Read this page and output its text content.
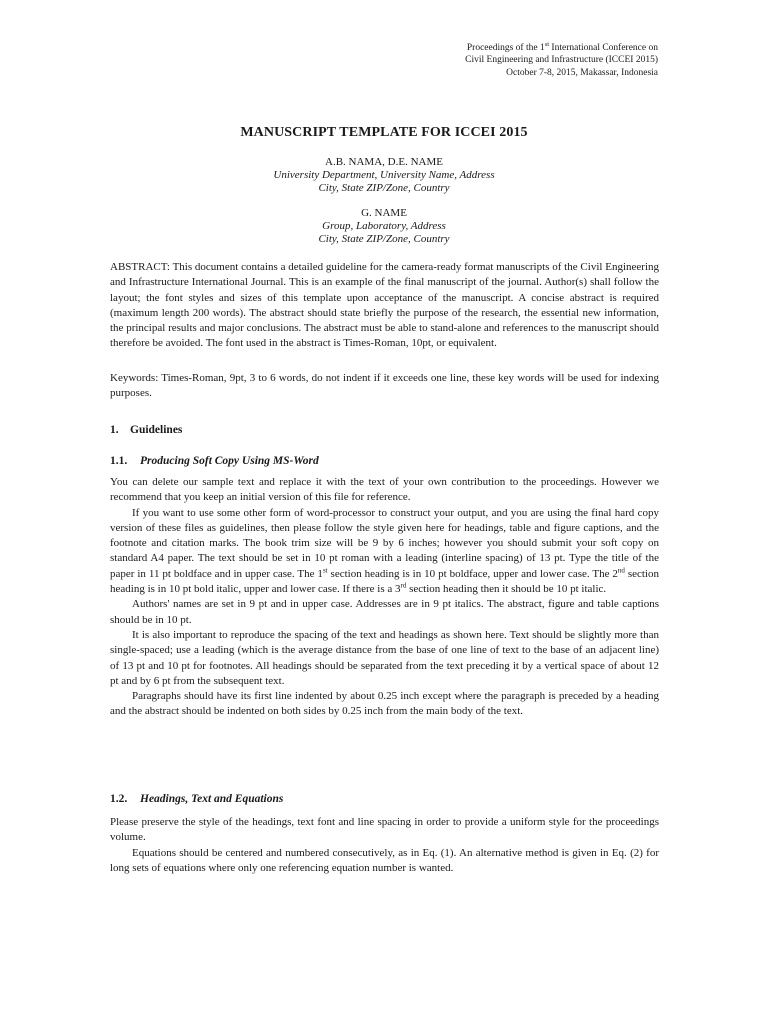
Proceedings of the 1st International Conference on
Civil Engineering and Infrastructure (ICCEI 2015)
October 7-8, 2015, Makassar, Indonesia
MANUSCRIPT TEMPLATE FOR ICCEI 2015
A.B. NAMA, D.E. NAME
University Department, University Name, Address
City, State ZIP/Zone, Country
G. NAME
Group, Laboratory, Address
City, State ZIP/Zone, Country
ABSTRACT: This document contains a detailed guideline for the camera-ready format manuscripts of the Civil Engineering and Infrastructure International Journal. This is an example of the final manuscript of the journal. Author(s) shall follow the layout; the font styles and sizes of this template upon acceptance of the manuscript. A concise abstract is required (maximum length 200 words). The abstract should state briefly the purpose of the research, the essential new information, the principal results and major conclusions. The abstract must be able to stand-alone and references to the manuscript should therefore be avoided. The font used in the abstract is Times-Roman, 10pt, or equivalent.
Keywords: Times-Roman, 9pt, 3 to 6 words, do not indent if it exceeds one line, these key words will be used for indexing purposes.
1. Guidelines
1.1. Producing Soft Copy Using MS-Word

You can delete our sample text and replace it with the text of your own contribution to the proceedings. However we recommend that you keep an initial version of this file for reference.

If you want to use some other form of word-processor to construct your output, and you are using the final hard copy version of these files as guidelines, then please follow the style given here for headings, table and figure captions, and the footnote and citation marks. The book trim size will be 9 by 6 inches; however you should submit your soft copy on standard A4 paper. The text should be set in 10 pt roman with a leading (interline spacing) of 13 pt. Type the title of the paper in 11 pt boldface and in upper case. The 1st section heading is in 10 pt boldface, upper and lower case. The 2nd section heading is in 10 pt bold italic, upper and lower case. If there is a 3rd section heading then it should be 10 pt italic.

Authors' names are set in 9 pt and in upper case. Addresses are in 9 pt italics. The abstract, figure and table captions should be in 10 pt.

It is also important to reproduce the spacing of the text and headings as shown here. Text should be slightly more than single-spaced; use a leading (which is the average distance from the base of one line of text to the base of an adjacent line) of 13 pt and 10 pt for footnotes. All headings should be separated from the text preceding it by a vertical space of about 12 pt and by 6 pt from the subsequent text.

Paragraphs should have its first line indented by about 0.25 inch except where the paragraph is preceded by a heading and the abstract should be indented on both sides by 0.25 inch from the main body of the text.

1.2. Headings, Text and Equations

Please preserve the style of the headings, text font and line spacing in order to provide a uniform style for the proceedings volume.

Equations should be centered and numbered consecutively, as in Eq. (1). An alternative method is given in Eq. (2) for long sets of equations where only one referencing equation number is wanted.
